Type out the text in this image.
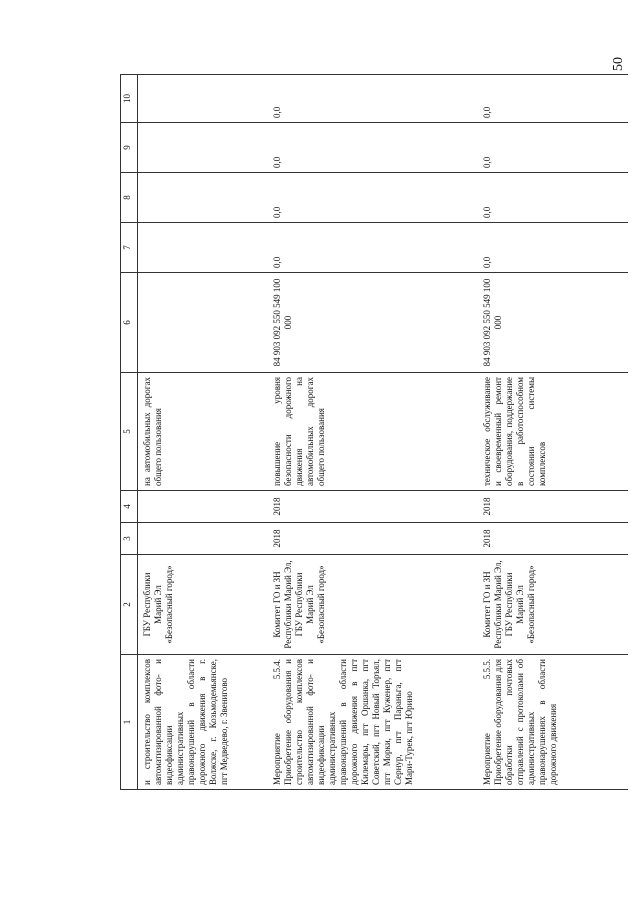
50
1	2	3	4	5	6	7	8	9	10
и строительство комплексов автоматизированной фото- и видеофиксации административных правонарушений в области дорожного движения в г. Волжске, г. Козьмодемьянске, пгт Медведево, г. Звенигово	ГБУ Республики Марий Эл «Безопасный город»			на автомобильных дорогах общего пользования					
Мероприятие 5.5.4. Приобретение оборудования и строительство комплексов автоматизированной фото- и видеофиксации административных правонарушений в области дорожного движения в пгт Килемары, пгт Оршанка, пгт Советский, пгт Новый Торъял, пгт Морки, пгт Куженер, пгт Сернур, пгт Параньга, пгт Мари-Турек, пгт Юрино	Комитет ГО и ЗН Республики Марий Эл, ГБУ Республики Марий Эл «Безопасный город»	2018	2018	повышение уровня безопасности дорожного движения на автомобильных дорогах общего пользования	84 903 092 550 549 100 000	0,0	0,0	0,0	0,0
Мероприятие 5.5.5. Приобретение оборудования для обработки почтовых отправлений с протоколами об административных правонарушениях в области дорожного движения	Комитет ГО и ЗН Республики Марий Эл, ГБУ Республики Марий Эл «Безопасный город»	2018	2018	техническое обслуживание и своевременный ремонт оборудования, поддержание в работоспособном состоянии системы комплексов	84 903 092 550 549 100 000	0,0	0,0	0,0	0,0
